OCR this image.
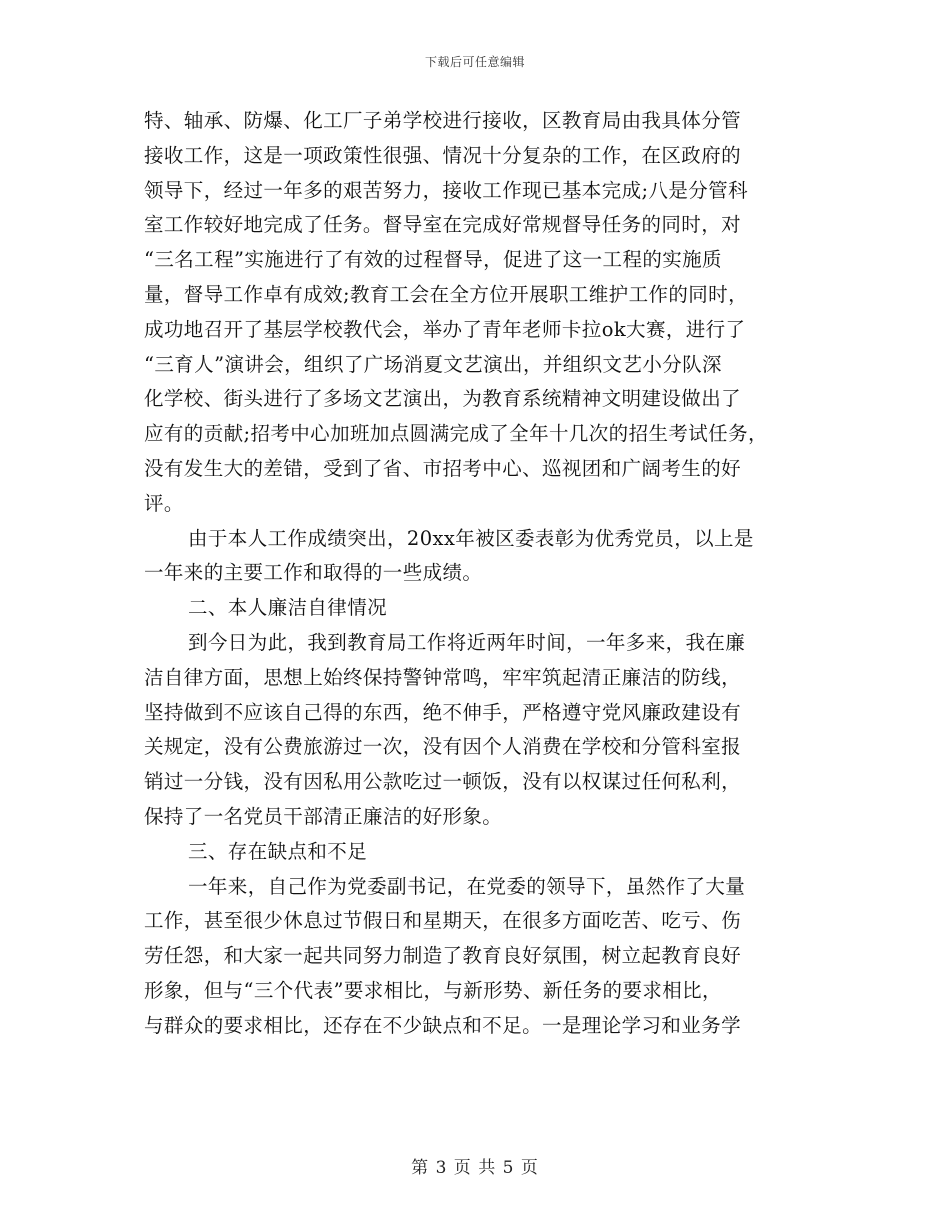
下载后可任意编辑
特、轴承、防爆、化工厂子弟学校进行接收，区教育局由我具体分管
接收工作，这是一项政策性很强、情况十分复杂的工作，在区政府的
领导下，经过一年多的艰苦努力，接收工作现已基本完成;八是分管科
室工作较好地完成了任务。督导室在完成好常规督导任务的同时，对
“三名工程”实施进行了有效的过程督导，促进了这一工程的实施质
量，督导工作卓有成效;教育工会在全方位开展职工维护工作的同时，
成功地召开了基层学校教代会，举办了青年老师卡拉ok大赛，进行了
“三育人”演讲会，组织了广场消夏文艺演出，并组织文艺小分队深
化学校、街头进行了多场文艺演出，为教育系统精神文明建设做出了
应有的贡献;招考中心加班加点圆满完成了全年十几次的招生考试任务，
没有发生大的差错，受到了省、市招考中心、巡视团和广阔考生的好
评。
由于本人工作成绩突出，20xx年被区委表彰为优秀党员，以上是
一年来的主要工作和取得的一些成绩。
二、本人廉洁自律情况
到今日为此，我到教育局工作将近两年时间，一年多来，我在廉
洁自律方面，思想上始终保持警钟常鸣，牢牢筑起清正廉洁的防线，
坚持做到不应该自己得的东西，绝不伸手，严格遵守党风廉政建设有
关规定，没有公费旅游过一次，没有因个人消费在学校和分管科室报
销过一分钱，没有因私用公款吃过一顿饭，没有以权谋过任何私利，
保持了一名党员干部清正廉洁的好形象。
三、存在缺点和不足
一年来，自己作为党委副书记，在党委的领导下，虽然作了大量
工作，甚至很少休息过节假日和星期天，在很多方面吃苦、吃亏、伤
劳任怨，和大家一起共同努力制造了教育良好氛围，树立起教育良好
形象，但与“三个代表”要求相比，与新形势、新任务的要求相比，
与群众的要求相比，还存在不少缺点和不足。一是理论学习和业务学
第 3 页 共 5 页
